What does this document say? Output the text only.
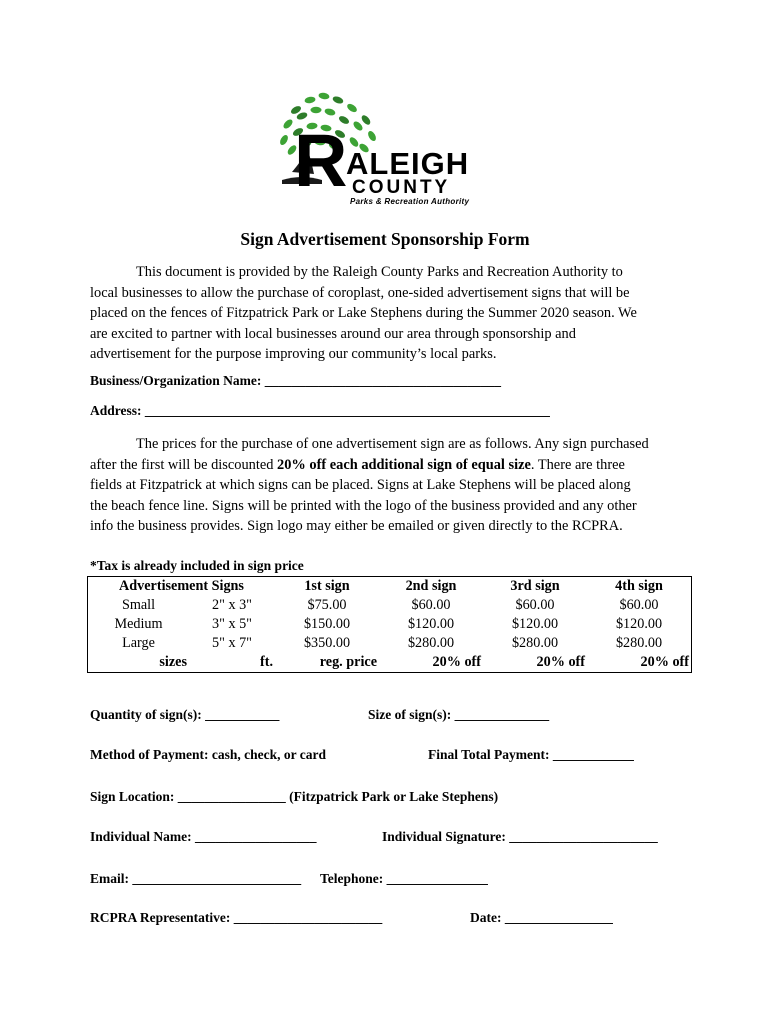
R ALEIGH
COUNTY
Parks & Recreation Authority
Sign Advertisement Sponsorship Form

This document is provided by the Raleigh County Parks and Recreation Authority to
local businesses to allow the purchase of coroplast, one-sided advertisement signs that will be
placed on the fences of Fitzpatrick Park or Lake Stephens during the Summer 2020 season. We
are excited to partner with local businesses around our area through sponsorship and
advertisement for the purpose improving our community’s local parks.

Business/Organization Name: ___________________________________
Address: ____________________________________________________________

The prices for the purchase of one advertisement sign are as follows. Any sign purchased
after the first will be discounted 20% off each additional sign of equal size. There are three
fields at Fitzpatrick at which signs can be placed. Signs at Lake Stephens will be placed along
the beach fence line. Signs will be printed with the logo of the business provided and any other
info the business provides. Sign logo may either be emailed or given directly to the RCPRA.

*Tax is already included in sign price
Advertisement Signs		1st sign	2nd sign	3rd sign	4th sign
Small	2" x 3"	$75.00	$60.00	$60.00	$60.00
Medium	3" x 5"	$150.00	$120.00	$120.00	$120.00
Large	5" x 7"	$350.00	$280.00	$280.00	$280.00
sizes	ft.	reg. price	20% off	20% off	20% off
Quantity of sign(s): ___________	Size of sign(s): ______________
Method of Payment: cash, check, or card	Final Total Payment: ____________
Sign Location: ________________ (Fitzpatrick Park or Lake Stephens)
Individual Name: __________________	Individual Signature: ______________________
Email: _________________________ Telephone: _______________
RCPRA Representative: ______________________	Date: ________________
